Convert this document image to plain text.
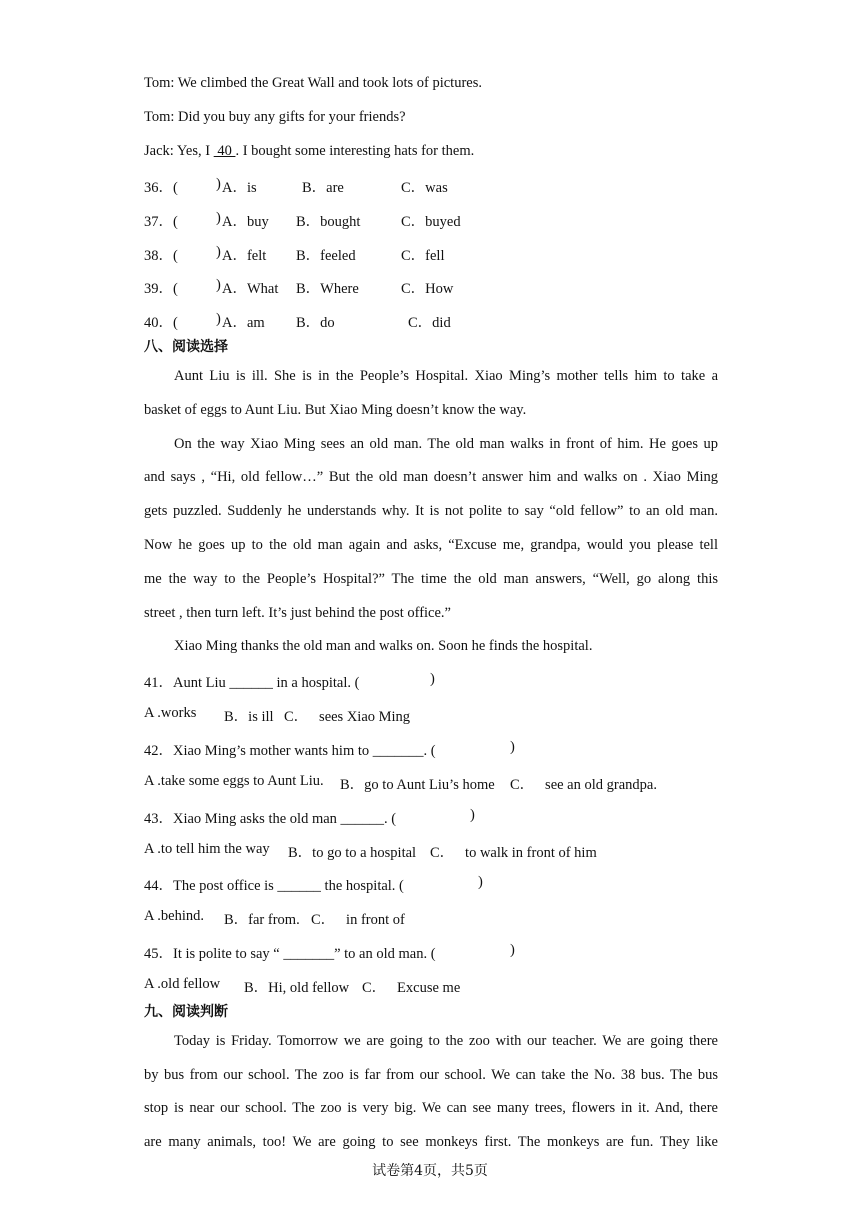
Tom: We climbed the Great Wall and took lots of pictures.
Tom: Did you buy any gifts for your friends?
Jack: Yes, I  40 . I bought some interesting hats for them.
36．(	) A．is	B．are	C．was
37．(	) A．buy B．bought	C．buyed
38．(	) A．felt B．feeled	C．fell
39．(	) A．What B．Where	C．How
40．(	) A．am B．do	C．did
八、阅读选择
Aunt Liu is ill. She is in the People’s Hospital. Xiao Ming’s mother tells him to take a
basket of eggs to Aunt Liu. But Xiao Ming doesn’t know the way.
On the way Xiao Ming sees an old man. The old man walks in front of him. He goes up
and says , “Hi, old fellow…” But the old man doesn’t answer him and walks on . Xiao Ming
gets puzzled. Suddenly he understands why. It is not polite to say “old fellow” to an old man.
Now he goes up to the old man again and asks, “Excuse me, grandpa, would you please tell
me the way to the People’s Hospital?” The time the old man answers, “Well, go along this
street , then turn left. It’s just behind the post office.”
Xiao Ming thanks the old man and walks on. Soon he finds the hospital.
41．Aunt Liu ______ in a hospital. (	)
A .works B．is ill C．   sees Xiao Ming
42．Xiao Ming’s mother wants him to _______. (	)
A .take some eggs to Aunt Liu. B．go to Aunt Liu’s home C．   see an old grandpa.
43．Xiao Ming asks the old man ______. (	)
A .to tell him the way B．to go to a hospital C．   to walk in front of him
44．The post office is ______ the hospital. (	)
A .behind. B．far from. C．   in front of
45．It is polite to say “ _______” to an old man. (	)
A .old fellow B．Hi, old fellow C．   Excuse me
九、阅读判断
Today is Friday. Tomorrow we are going to the zoo with our teacher. We are going there
by bus from our school. The zoo is far from our school. We can take the No. 38 bus. The bus
stop is near our school. The zoo is very big. We can see many trees, flowers in it. And, there
are many animals, too! We are going to see monkeys first. The monkeys are fun. They like
试卷第4页，共5页
